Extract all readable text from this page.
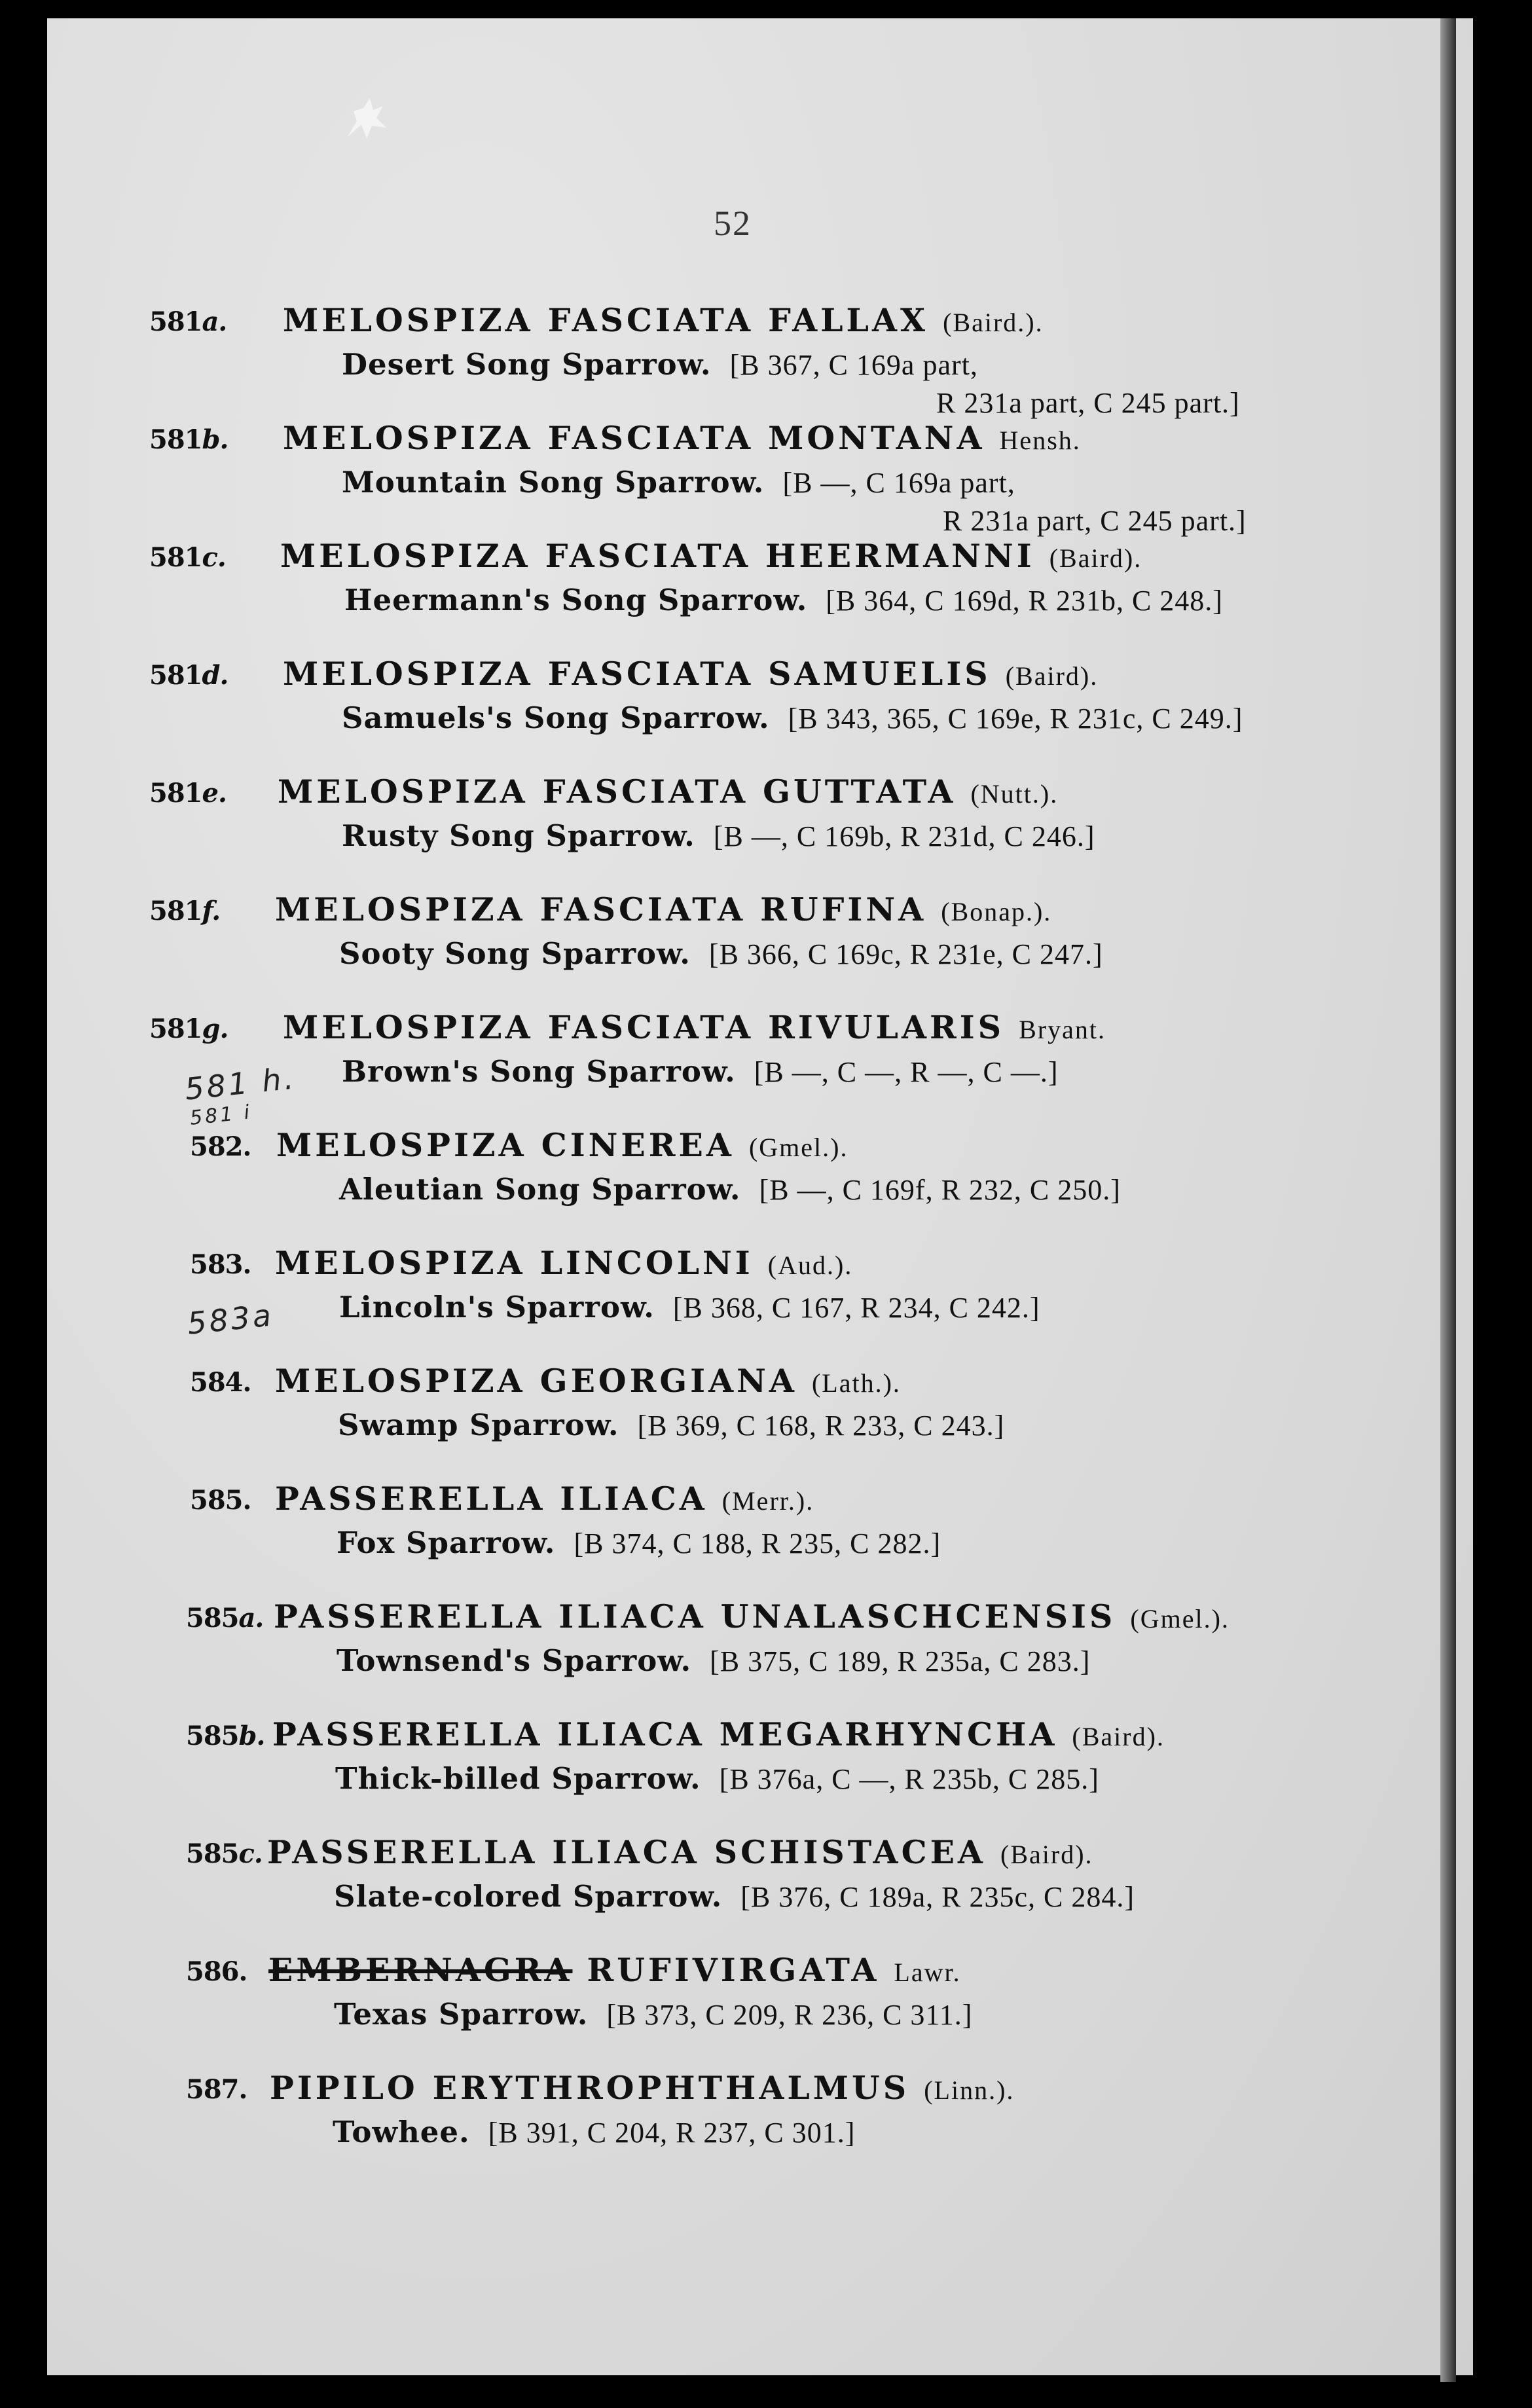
52
581a. MELOSPIZA FASCIATA FALLAX (Baird.).
Desert Song Sparrow. [B 367, C 169a part,
R 231a part, C 245 part.]
581b. MELOSPIZA FASCIATA MONTANA Hensh.
Mountain Song Sparrow. [B —, C 169a part,
R 231a part, C 245 part.]
581c. MELOSPIZA FASCIATA HEERMANNI (Baird).
Heermann's Song Sparrow. [B 364, C 169d, R 231b, C 248.]
581d. MELOSPIZA FASCIATA SAMUELIS (Baird).
Samuels's Song Sparrow. [B 343, 365, C 169e, R 231c, C 249.]
581e. MELOSPIZA FASCIATA GUTTATA (Nutt.).
Rusty Song Sparrow. [B —, C 169b, R 231d, C 246.]
581f. MELOSPIZA FASCIATA RUFINA (Bonap.).
Sooty Song Sparrow. [B 366, C 169c, R 231e, C 247.]
581g. MELOSPIZA FASCIATA RIVULARIS Bryant.
Brown's Song Sparrow. [B —, C —, R —, C —.]
581 h.
581 i
582. MELOSPIZA CINEREA (Gmel.).
Aleutian Song Sparrow. [B —, C 169f, R 232, C 250.]
583. MELOSPIZA LINCOLNI (Aud.).
Lincoln's Sparrow. [B 368, C 167, R 234, C 242.]
583a
584. MELOSPIZA GEORGIANA (Lath.).
Swamp Sparrow. [B 369, C 168, R 233, C 243.]
585. PASSERELLA ILIACA (Merr.).
Fox Sparrow. [B 374, C 188, R 235, C 282.]
585a. PASSERELLA ILIACA UNALASCHCENSIS (Gmel.).
Townsend's Sparrow. [B 375, C 189, R 235a, C 283.]
585b. PASSERELLA ILIACA MEGARHYNCHA (Baird).
Thick-billed Sparrow. [B 376a, C —, R 235b, C 285.]
585c. PASSERELLA ILIACA SCHISTACEA (Baird).
Slate-colored Sparrow. [B 376, C 189a, R 235c, C 284.]
586. EMBERNAGRA RUFIVIRGATA Lawr.
Texas Sparrow. [B 373, C 209, R 236, C 311.]
587. PIPILO ERYTHROPHTHALMUS (Linn.).
Towhee. [B 391, C 204, R 237, C 301.]
